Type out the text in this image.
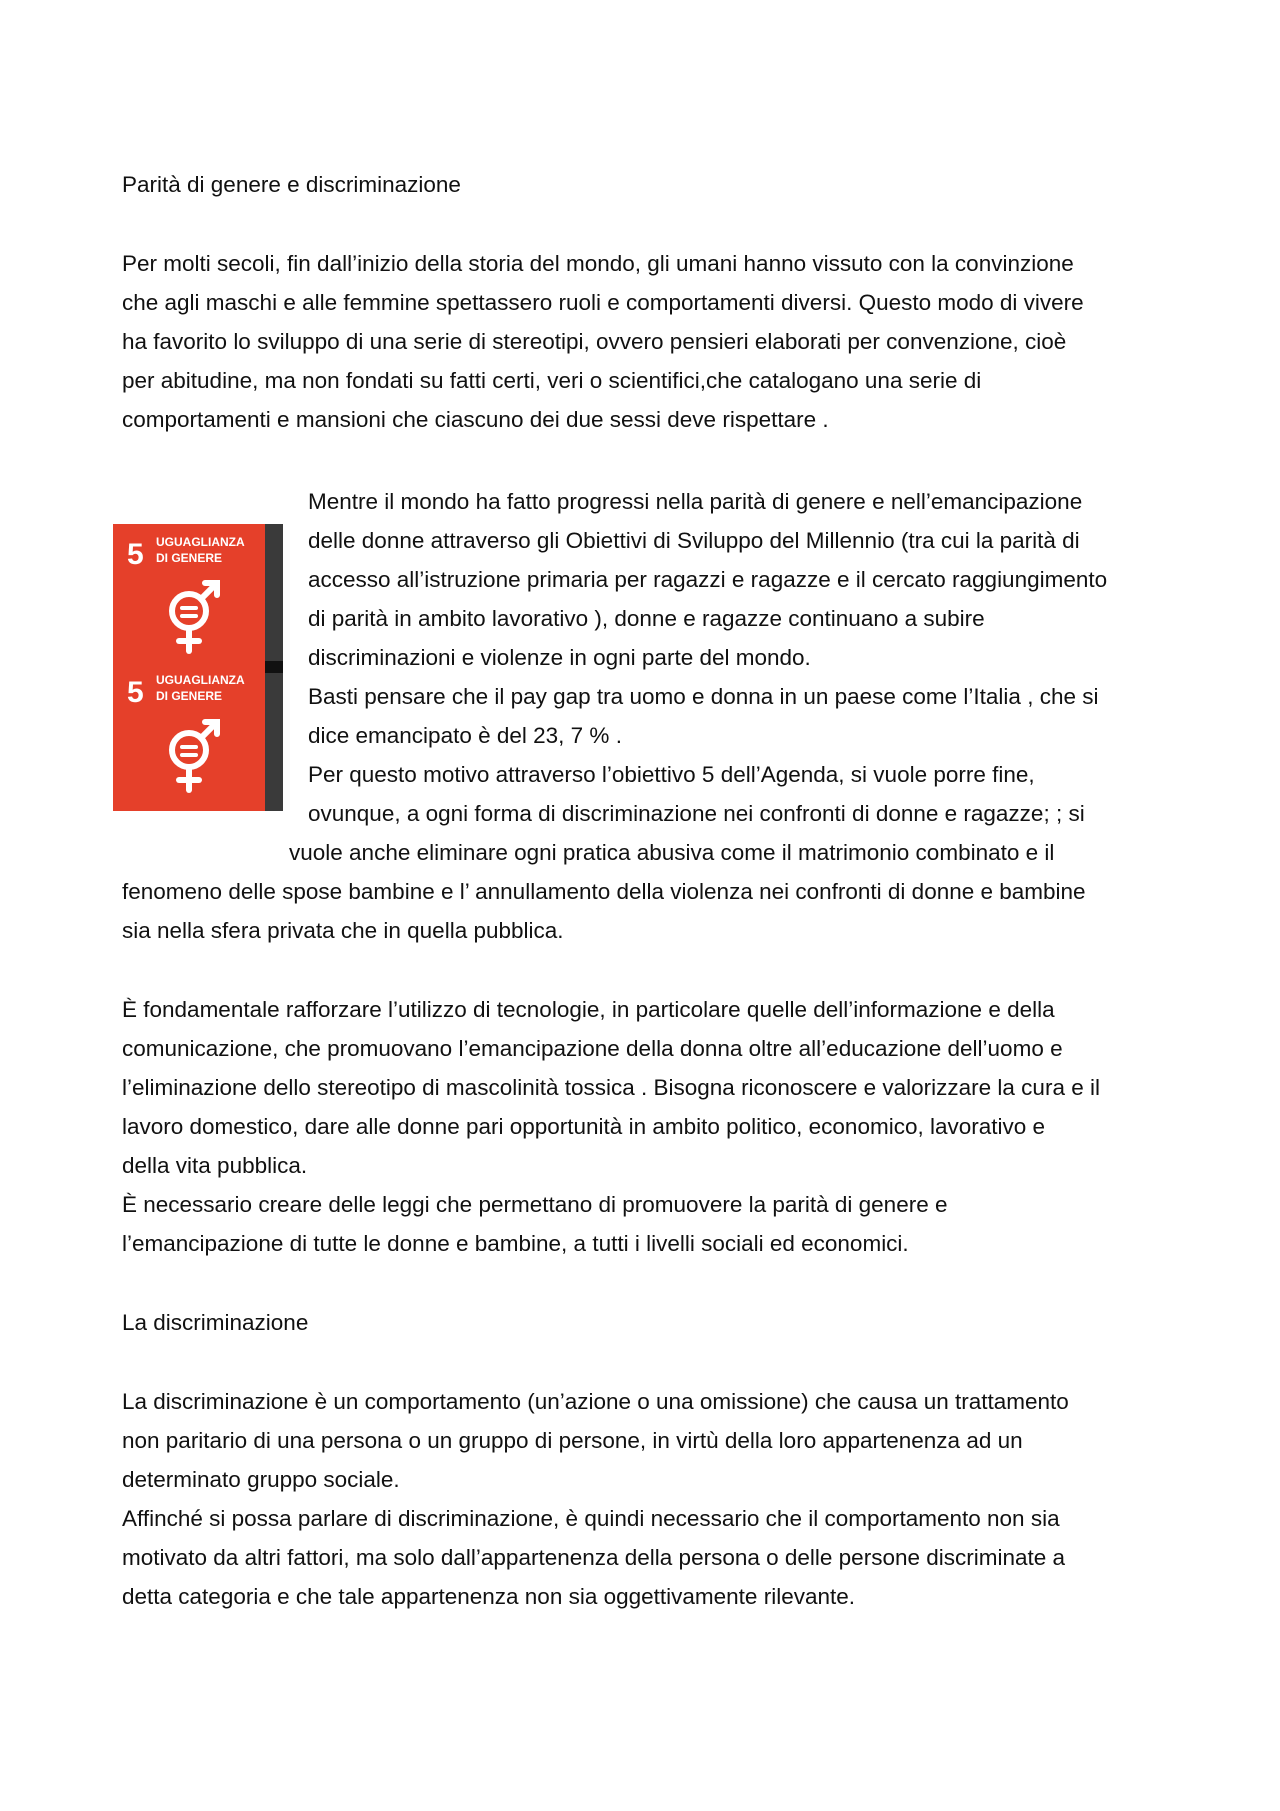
Parità di genere e discriminazione
Per molti secoli, fin dall’inizio della storia del mondo, gli umani hanno vissuto con la convinzione
che agli maschi e alle femmine spettassero ruoli e comportamenti diversi. Questo modo di vivere
ha favorito lo sviluppo di una serie di stereotipi, ovvero pensieri elaborati per convenzione, cioè
per abitudine, ma non fondati su fatti certi, veri o scientifici,che catalogano una serie di
comportamenti e mansioni che ciascuno dei due sessi deve rispettare .
5 UGUAGLIANZA
DI GENERE
5 UGUAGLIANZA
DI GENERE
Mentre il mondo ha fatto progressi nella parità di genere e nell’emancipazione
delle donne attraverso gli Obiettivi di Sviluppo del Millennio (tra cui la parità di
accesso all’istruzione primaria per ragazzi e ragazze e il cercato raggiungimento
di parità in ambito lavorativo ), donne e ragazze continuano a subire
discriminazioni e violenze in ogni parte del mondo.
Basti pensare che il pay gap tra uomo e donna in un paese come l’Italia , che si
dice emancipato è del 23, 7 % .
Per questo motivo attraverso l’obiettivo 5 dell’Agenda, si vuole porre fine,
ovunque, a ogni forma di discriminazione nei confronti di donne e ragazze; ; si
vuole anche eliminare ogni pratica abusiva come il matrimonio combinato e il
fenomeno delle spose bambine e l’ annullamento della violenza nei confronti di donne e bambine
sia nella sfera privata che in quella pubblica.
È fondamentale rafforzare l’utilizzo di tecnologie, in particolare quelle dell’informazione e della
comunicazione, che promuovano l’emancipazione della donna oltre all’educazione dell’uomo e
l’eliminazione dello stereotipo di mascolinità tossica . Bisogna riconoscere e valorizzare la cura e il
lavoro domestico, dare alle donne pari opportunità in ambito politico, economico, lavorativo e
della vita pubblica.
È necessario creare delle leggi che permettano di promuovere la parità di genere e
l’emancipazione di tutte le donne e bambine, a tutti i livelli sociali ed economici.
La discriminazione
La discriminazione è un comportamento (un’azione o una omissione) che causa un trattamento
non paritario di una persona o un gruppo di persone, in virtù della loro appartenenza ad un
determinato gruppo sociale.
Affinché si possa parlare di discriminazione, è quindi necessario che il comportamento non sia
motivato da altri fattori, ma solo dall’appartenenza della persona o delle persone discriminate a
detta categoria e che tale appartenenza non sia oggettivamente rilevante.
